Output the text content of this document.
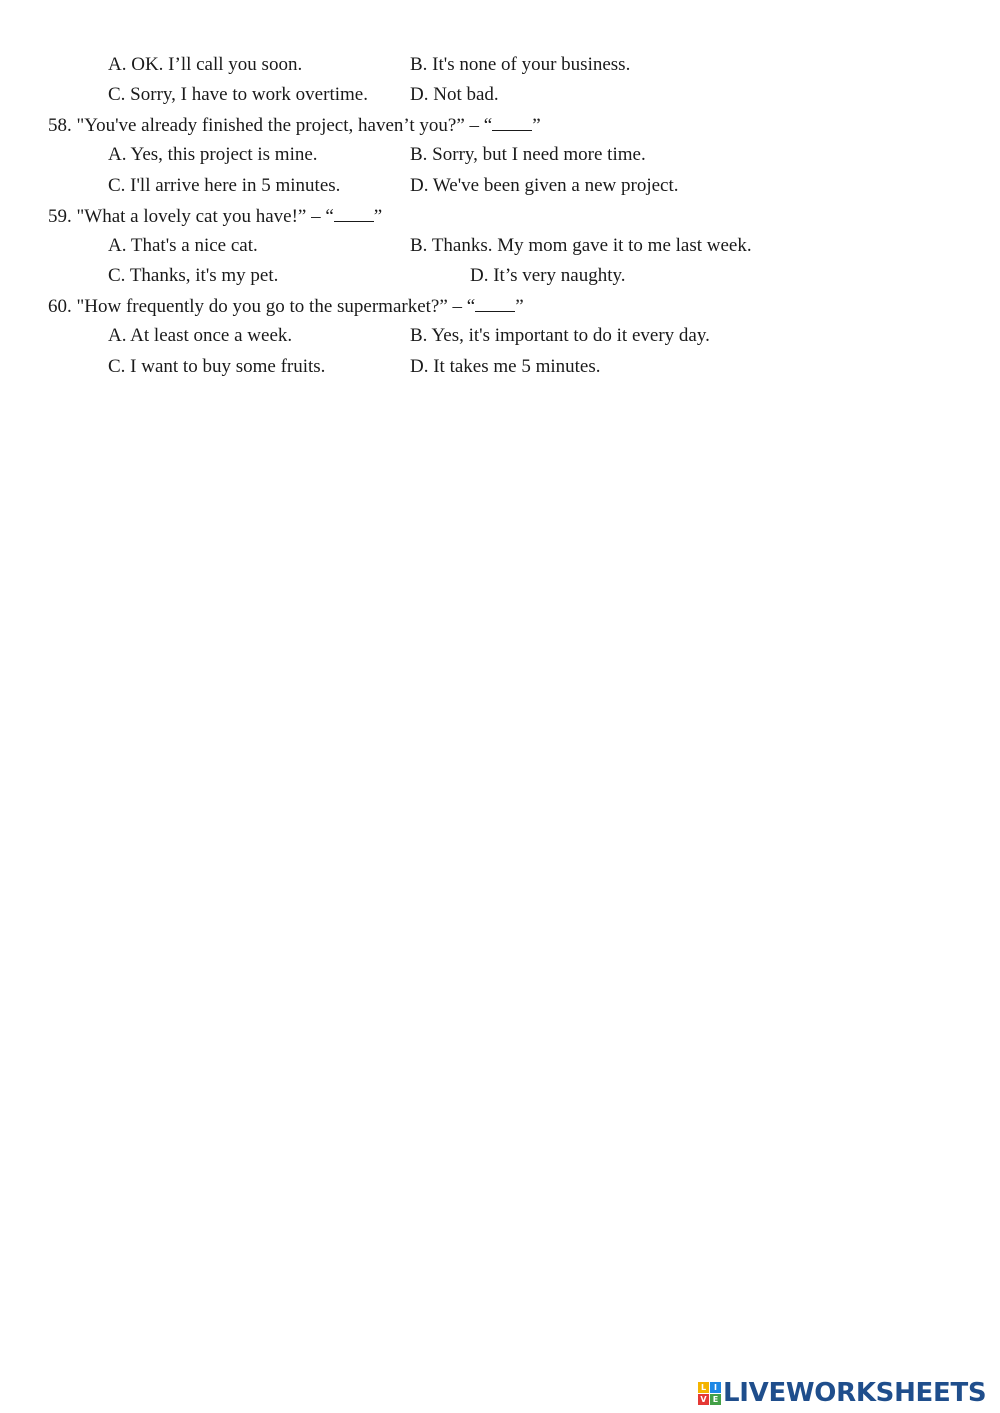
A. OK. I’ll call you soon.	B. It's none of your business.
C. Sorry, I have to work overtime. D. Not bad.
58. "You've already finished the project, haven’t you?” – “ ”
A. Yes, this project is mine.	B. Sorry, but I need more time.
C. I'll arrive here in 5 minutes.	D. We've been given a new project.
59. "What a lovely cat you have!” – “ ”
A. That's a nice cat.	B. Thanks. My mom gave it to me last week.
C. Thanks, it's my pet.	D. It’s very naughty.
60. "How frequently do you go to the supermarket?” – “ ”
A. At least once a week.	B. Yes, it's important to do it every day.
C. I want to buy some fruits.	D. It takes me 5 minutes.
L I
V E LIVEWORKSHEETS
